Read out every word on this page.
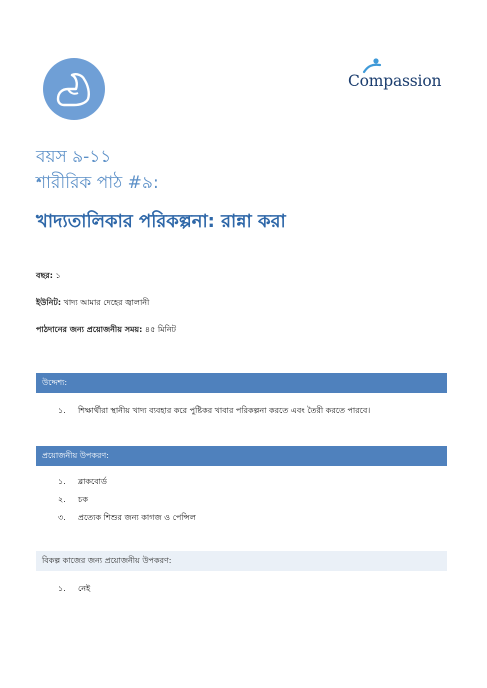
Compassion
বয়স ৯-১১
শারীরিক পাঠ #৯:
খাদ্যতালিকার পরিকল্পনা: রান্না করা
বছর: ১
ইউনিট: খাদ্য আমার দেহের জ্বালানী
পাঠদানের জন্য প্রয়োজনীয় সময়: ৪৫ মিনিট
উদ্দেশ্য:
১. শিক্ষার্থীরা স্থানীয় খাদ্য ব্যবহার করে পুষ্টিকর খাবার পরিকল্পনা করতে এবং তৈরী করতে পারবে।
প্রয়োজনীয় উপকরণ:
১. ব্লাকবোর্ড
২. চক
৩. প্রত্যেক শিশুর জন্য কাগজ ও পেন্সিল
বিকল্প কাজের জন্য প্রয়োজনীয় উপকরণ:
১. নেই
